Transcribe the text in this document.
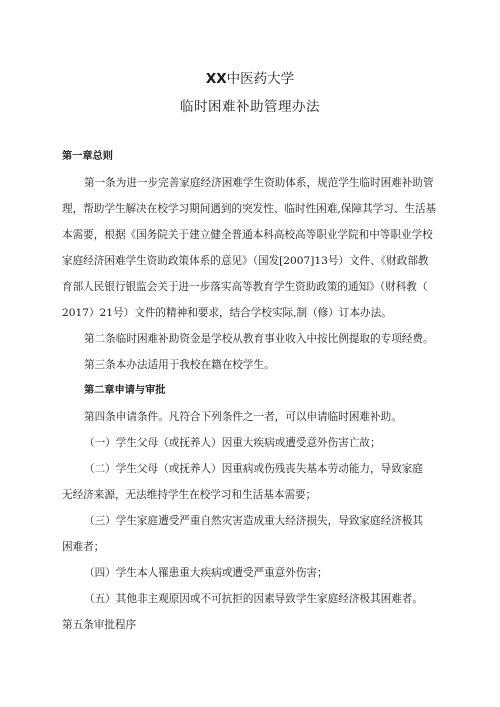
XX中医药大学
临时困难补助管理办法
第一章总则
第一条为进一步完善家庭经济困难学生资助体系，规范学生临时困难补助管
理，帮助学生解决在校学习期间遇到的突发性、临时性困难,保障其学习、生活基
本需要，根据《国务院关于建立健全普通本科高校高等职业学院和中等职业学校
家庭经济困难学生资助政策体系的意见》（国发[2007]13号）文件、《财政部教
育部人民银行银监会关于进一步落实高等教育学生资助政策的通知》（财科教（
2017）21号）文件的精神和要求，结合学校实际,制（修）订本办法。
第二条临时困难补助资金是学校从教育事业收入中按比例提取的专项经费。
第三条本办法适用于我校在籍在校学生。
第二章申请与审批
第四条申请条件。凡符合下列条件之一者，可以申请临时困难补助。
（一）学生父母（或抚养人）因重大疾病或遭受意外伤害亡故；
（二）学生父母（或抚养人）因重病或伤残丧失基本劳动能力，导致家庭
无经济来源，无法维持学生在校学习和生活基本需要；
（三）学生家庭遭受严重自然灾害造成重大经济损失，导致家庭经济极其
困难者；
（四）学生本人罹患重大疾病或遭受严重意外伤害；
（五）其他非主观原因或不可抗拒的因素导致学生家庭经济极其困难者。
第五条审批程序
